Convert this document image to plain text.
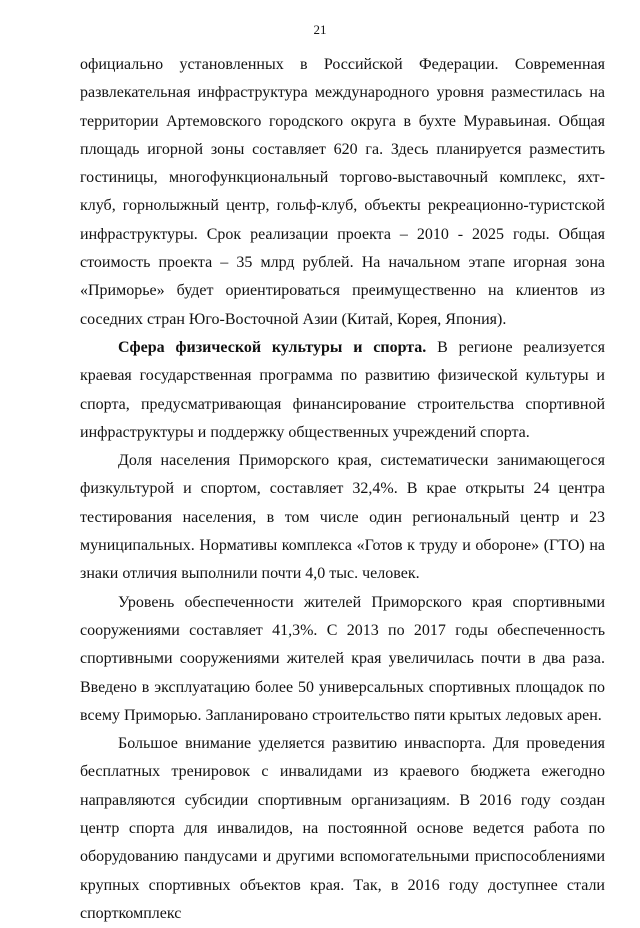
21

официально установленных в Российской Федерации. Современная развлекательная инфраструктура международного уровня разместилась на территории Артемовского городского округа в бухте Муравьиная. Общая площадь игорной зоны составляет 620 га. Здесь планируется разместить гостиницы, многофункциональный торгово-выставочный комплекс, яхт-клуб, горнолыжный центр, гольф-клуб, объекты рекреационно-туристской инфраструктуры. Срок реализации проекта – 2010 - 2025 годы. Общая стоимость проекта – 35 млрд рублей. На начальном этапе игорная зона «Приморье» будет ориентироваться преимущественно на клиентов из соседних стран Юго-Восточной Азии (Китай, Корея, Япония).

Сфера физической культуры и спорта. В регионе реализуется краевая государственная программа по развитию физической культуры и спорта, предусматривающая финансирование строительства спортивной инфраструктуры и поддержку общественных учреждений спорта.

Доля населения Приморского края, систематически занимающегося физкультурой и спортом, составляет 32,4%. В крае открыты 24 центра тестирования населения, в том числе один региональный центр и 23 муниципальных. Нормативы комплекса «Готов к труду и обороне» (ГТО) на знаки отличия выполнили почти 4,0 тыс. человек.

Уровень обеспеченности жителей Приморского края спортивными сооружениями составляет 41,3%. С 2013 по 2017 годы обеспеченность спортивными сооружениями жителей края увеличилась почти в два раза. Введено в эксплуатацию более 50 универсальных спортивных площадок по всему Приморью. Запланировано строительство пяти крытых ледовых арен.

Большое внимание уделяется развитию инваспорта. Для проведения бесплатных тренировок с инвалидами из краевого бюджета ежегодно направляются субсидии спортивным организациям. В 2016 году создан центр спорта для инвалидов, на постоянной основе ведется работа по оборудованию пандусами и другими вспомогательными приспособлениями крупных спортивных объектов края. Так, в 2016 году доступнее стали спорткомплекс
